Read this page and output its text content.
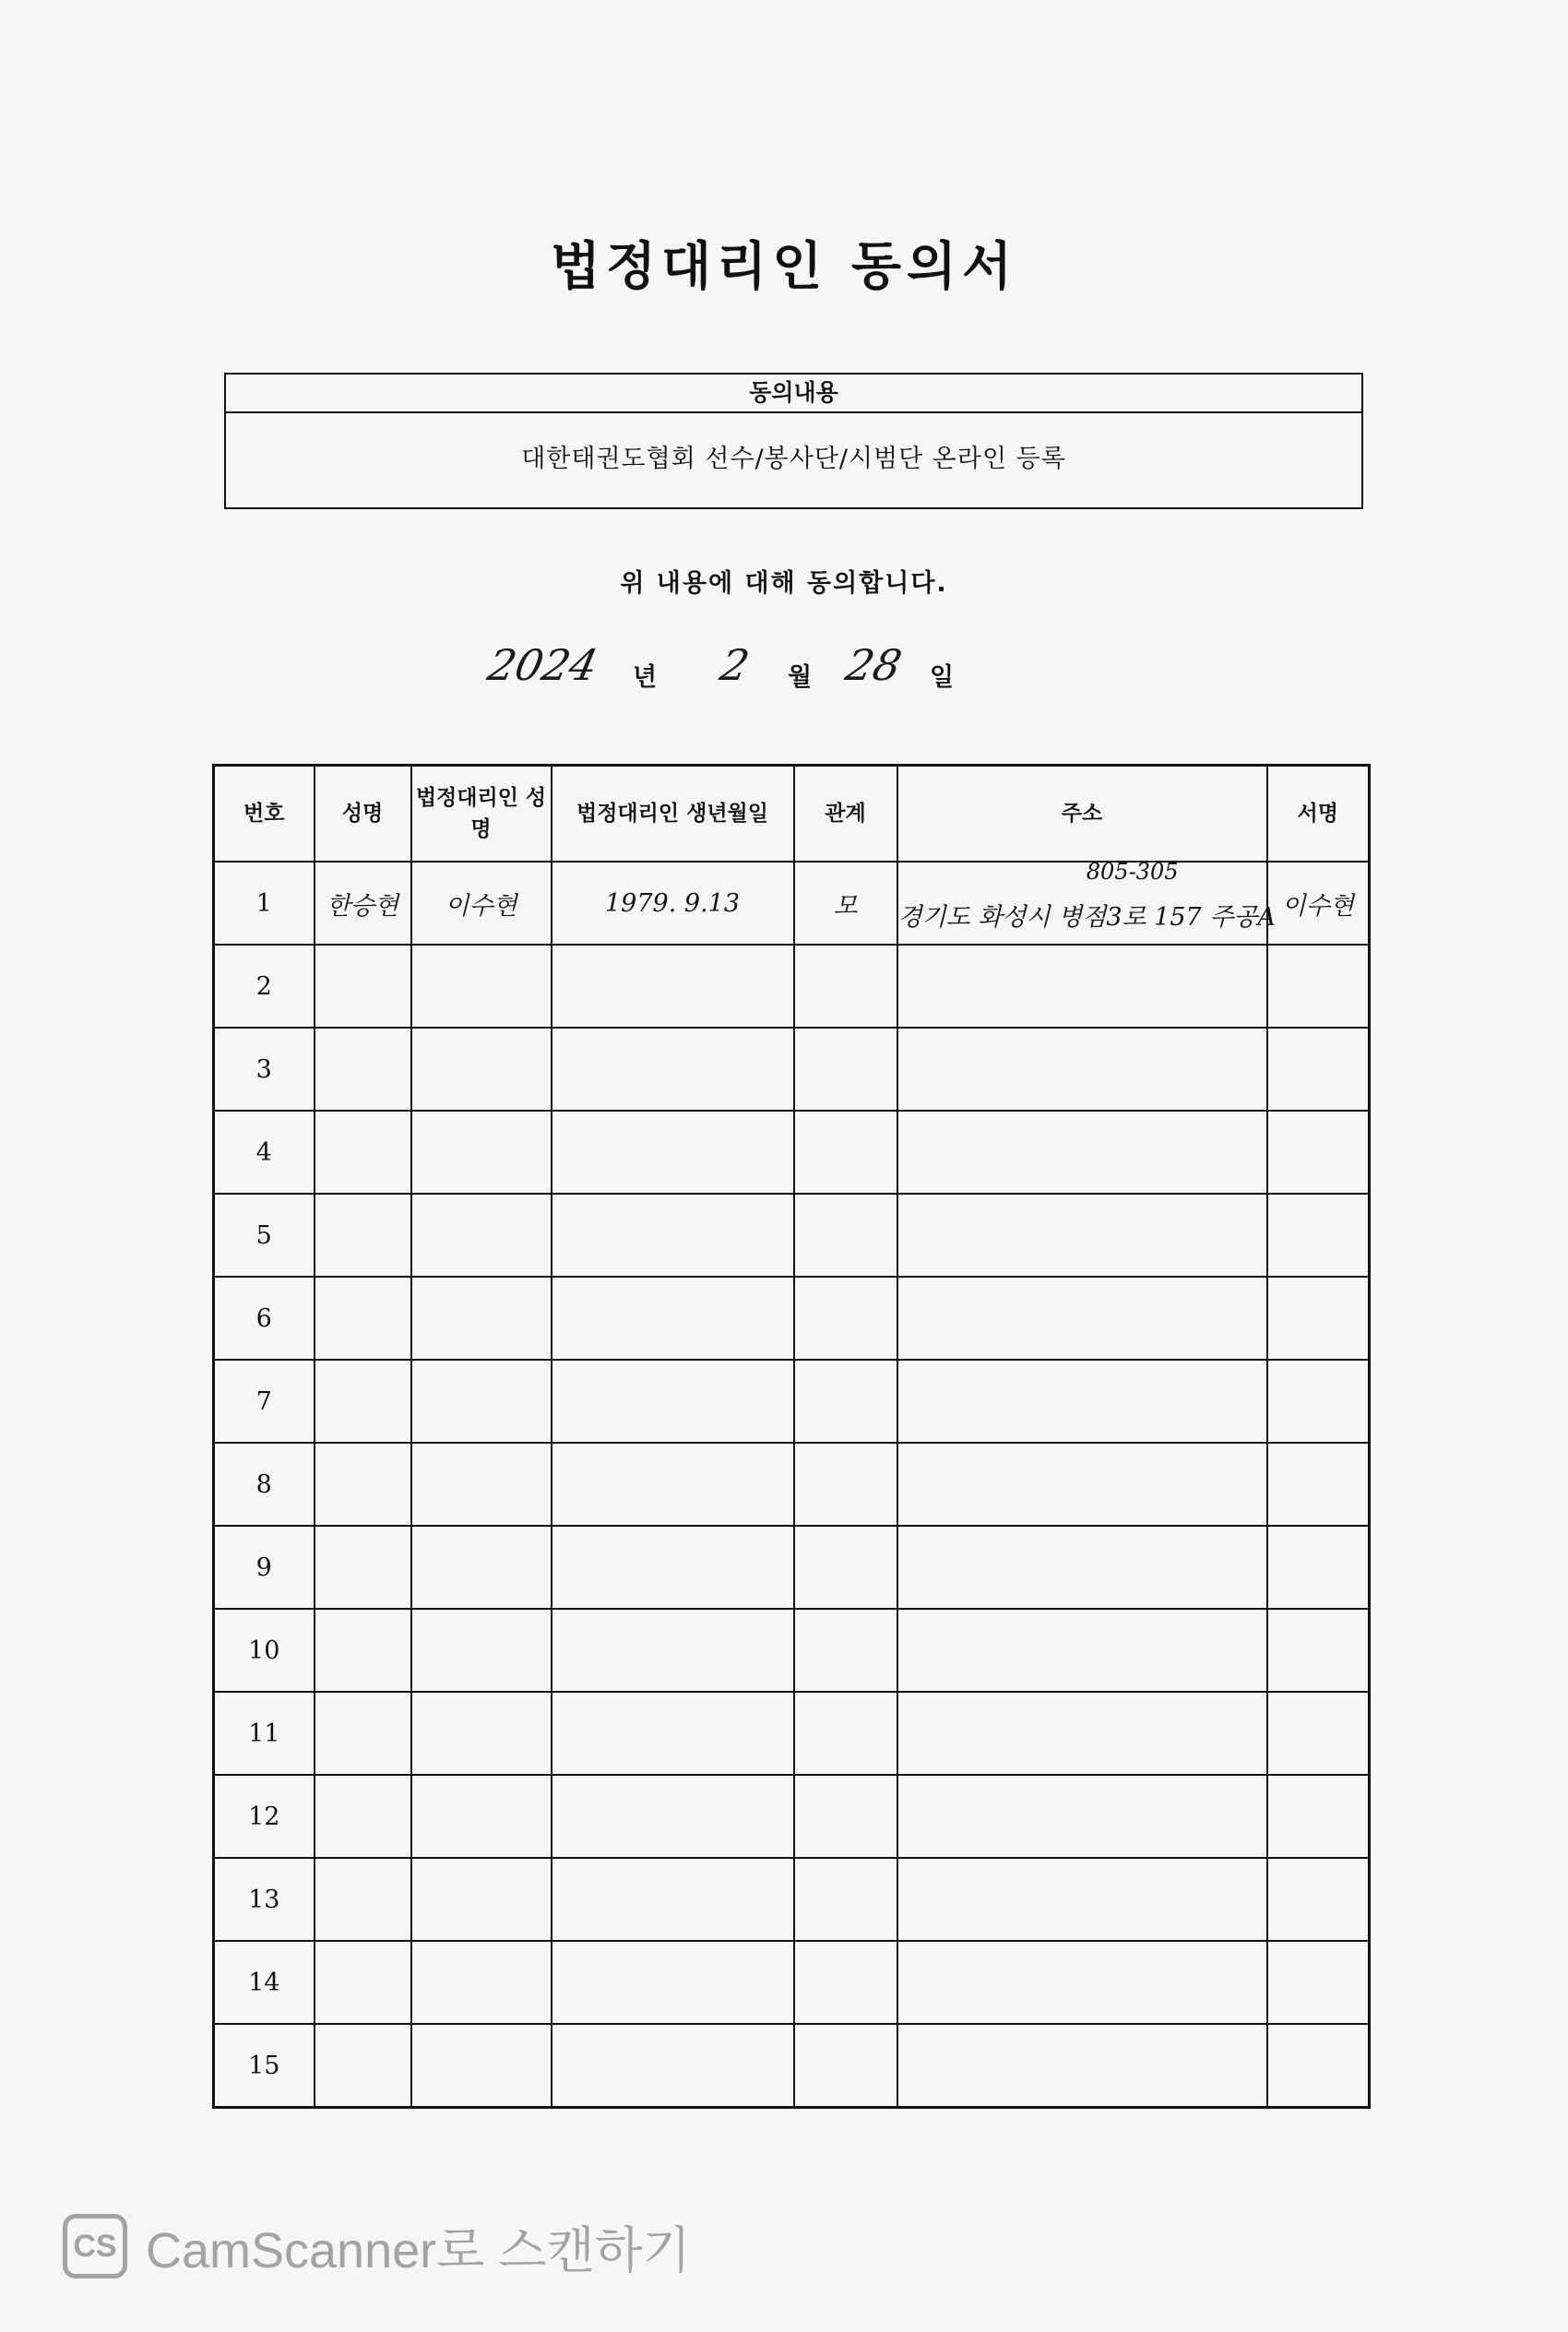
법정대리인 동의서
동의내용
대한태권도협회 선수/봉사단/시범단 온라인 등록
위 내용에 대해 동의합니다.
2024 년 2 월 28 일
번호	성명	법정대리인 성명	법정대리인 생년월일	관계	주소	서명
1	한승현	이수현	1979. 9.13	모	805-305
경기도 화성시 병점3로 157 주공A	이수현
2					

3					

4					

5					

6					

7					

8					

9					

10					

11					

12					

13					

14					

15					

CS CamScanner로 스캔하기
